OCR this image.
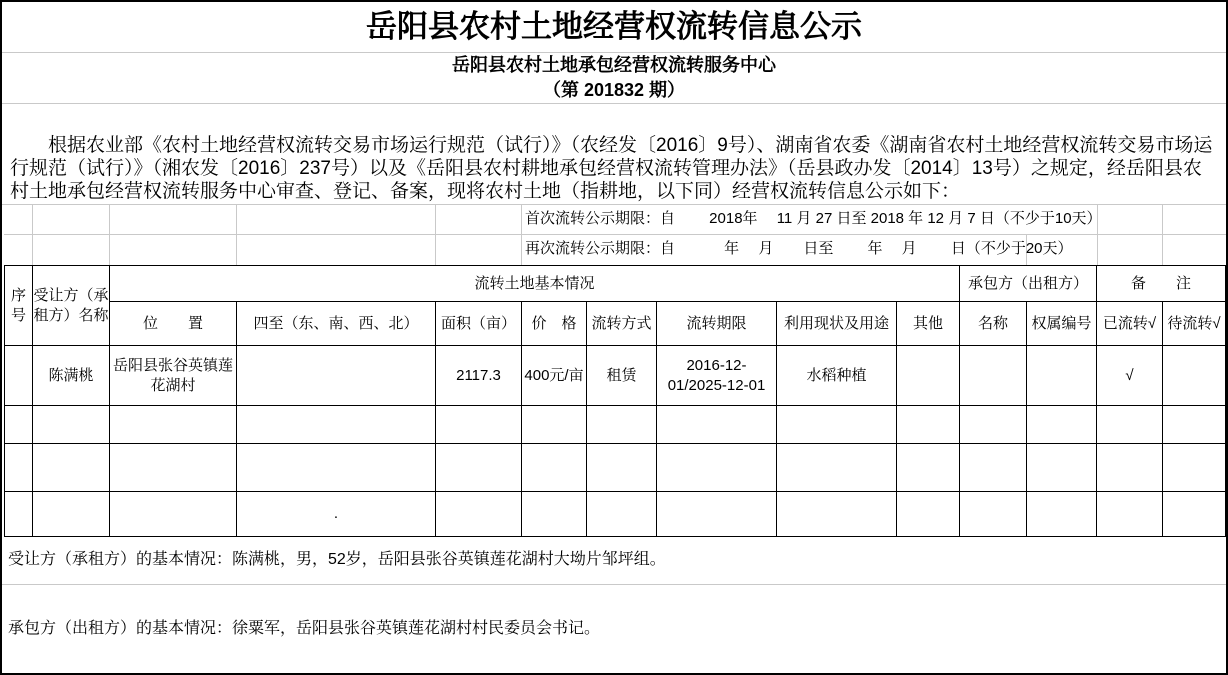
岳阳县农村土地经营权流转信息公示
岳阳县农村土地承包经营权流转服务中心
（第 201832 期）
根据农业部《农村土地经营权流转交易市场运行规范（试行）》（农经发〔2016〕9号）、湖南省农委《湖南省农村土地经营权流转交易市场运行规范（试行）》（湘农发〔2016〕237号）以及《岳阳县农村耕地承包经营权流转管理办法》（岳县政办发〔2014〕13号）之规定，经岳阳县农村土地承包经营权流转服务中心审查、登记、备案，现将农村土地（指耕地，以下同）经营权流转信息公示如下：
首次流转公示期限：自　　 2018年　 11 月 27 日至 2018 年 12 月 7 日（不少于10天）
再次流转公示期限：自　　　 年　 月　　日至　　 年　 月　　 日（不少于20天）
序号	受让方（承租方）名称	流转土地基本情况								承包方（出租方）		备　　注	
		位　　置	四至（东、南、西、北）	面积（亩）	价　格	流转方式	流转期限	利用现状及用途	其他	名称	权属编号	已流转√	待流转√
	陈满桃	岳阳县张谷英镇莲花湖村		2117.3	400元/亩	租赁	2016-12-01/2025-12-01	水稻种植				√	

			.										
受让方（承租方）的基本情况：陈满桃，男，52岁，岳阳县张谷英镇莲花湖村大坳片邹坪组。
承包方（出租方）的基本情况：徐粟军，岳阳县张谷英镇莲花湖村村民委员会书记。
